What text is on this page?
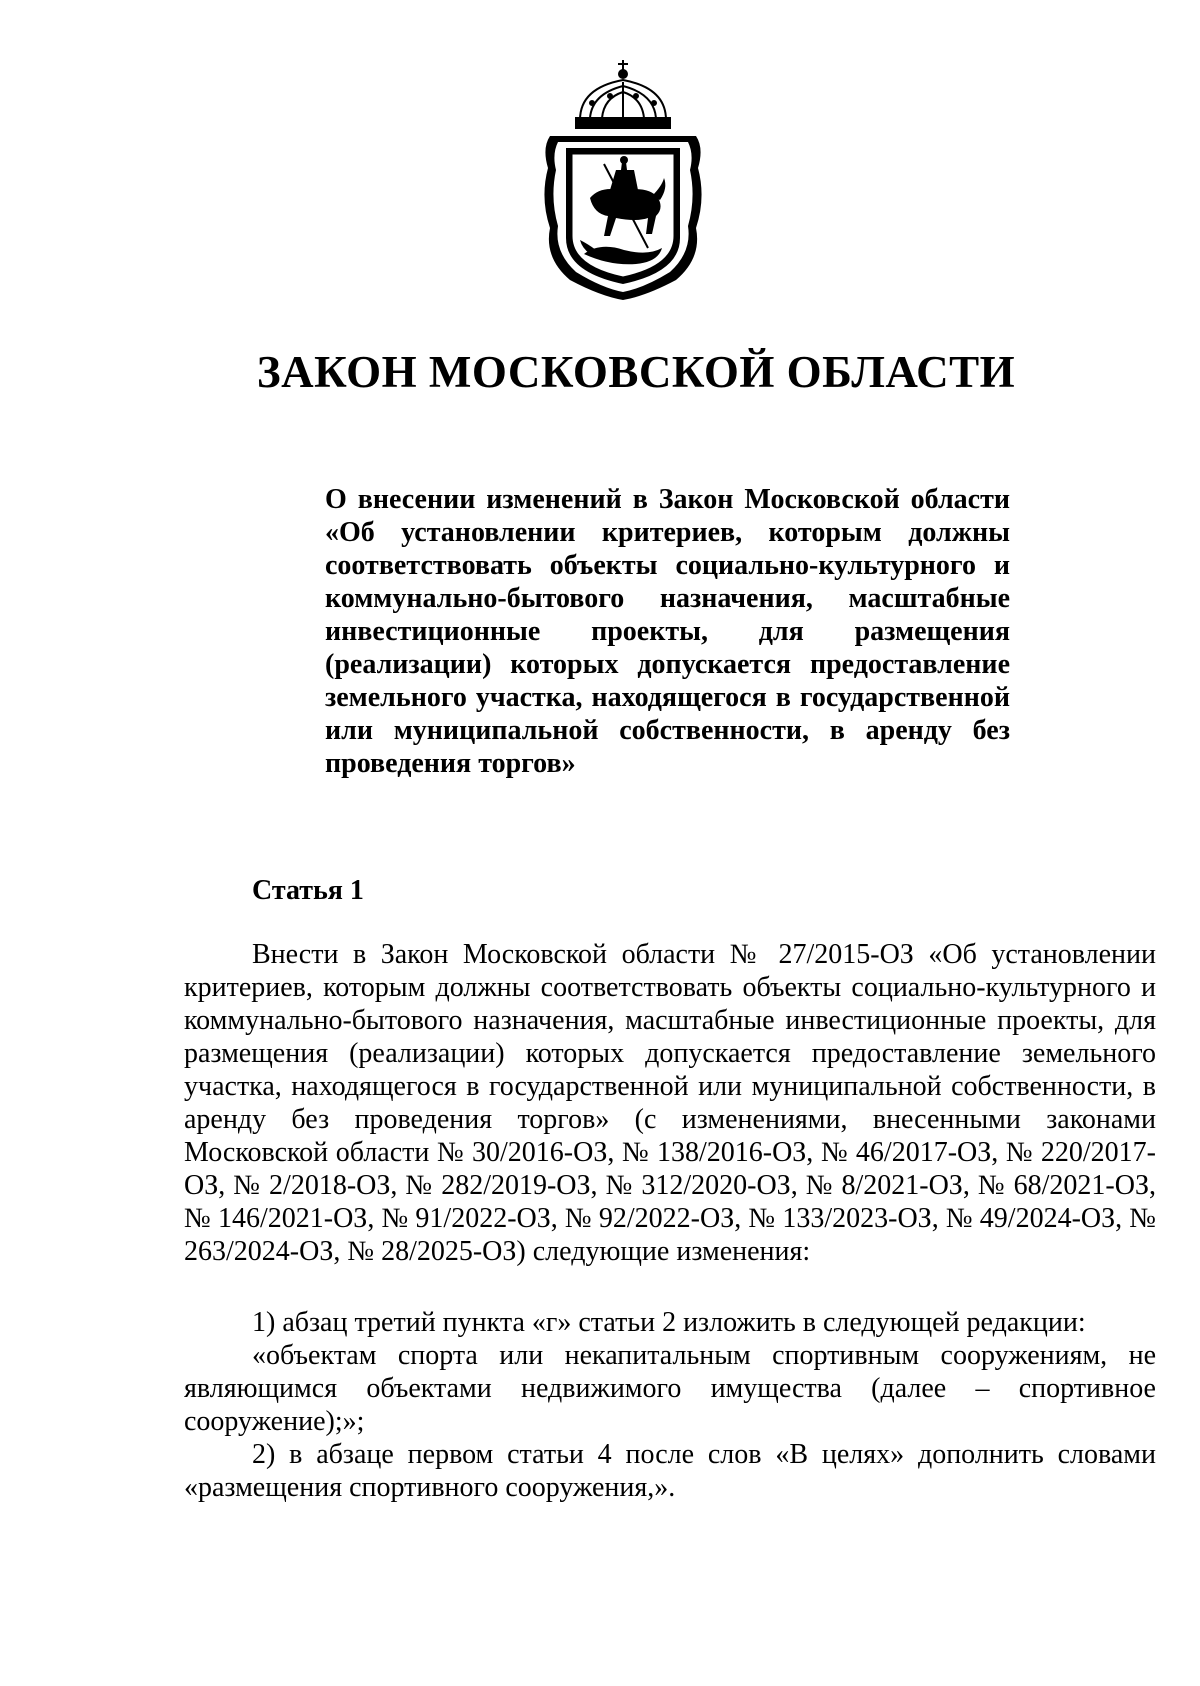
ЗАКОН МОСКОВСКОЙ ОБЛАСТИ

О внесении изменений в Закон Московской области «Об установлении критериев, которым должны соответствовать объекты социально-культурного и коммунально-бытового назначения, масштабные инвестиционные проекты, для размещения (реализации) которых допускается предоставление земельного участка, находящегося в государственной или муниципальной собственности, в аренду без проведения торгов»

Статья 1

Внести в Закон Московской области № 27/2015-ОЗ «Об установлении критериев, которым должны соответствовать объекты социально-культурного и коммунально-бытового назначения, масштабные инвестиционные проекты, для размещения (реализации) которых допускается предоставление земельного участка, находящегося в государственной или муниципальной собственности, в аренду без проведения торгов» (с изменениями, внесенными законами Московской области № 30/2016-ОЗ, № 138/2016-ОЗ, № 46/2017-ОЗ, № 220/2017-ОЗ, № 2/2018-ОЗ, № 282/2019-ОЗ, № 312/2020-ОЗ, № 8/2021-ОЗ, № 68/2021-ОЗ, № 146/2021-ОЗ, № 91/2022-ОЗ, № 92/2022-ОЗ, № 133/2023-ОЗ, № 49/2024-ОЗ, № 263/2024-ОЗ, № 28/2025-ОЗ) следующие изменения:

1) абзац третий пункта «г» статьи 2 изложить в следующей редакции:

«объектам спорта или некапитальным спортивным сооружениям, не являющимся объектами недвижимого имущества (далее – спортивное сооружение);»;

2) в абзаце первом статьи 4 после слов «В целях» дополнить словами «размещения спортивного сооружения,».
